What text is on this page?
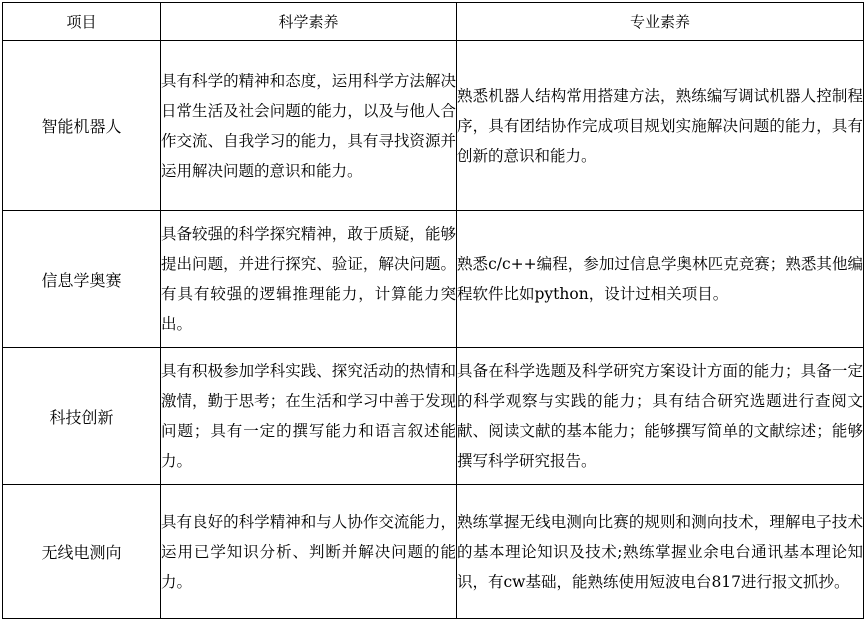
项目	科学素养	专业素养
智能机器人	具有科学的精神和态度，运用科学方法解决日常生活及社会问题的能力，以及与他人合作交流、自我学习的能力，具有寻找资源并运用解决问题的意识和能力。	熟悉机器人结构常用搭建方法，熟练编写调试机器人控制程序，具有团结协作完成项目规划实施解决问题的能力，具有创新的意识和能力。
信息学奥赛	具备较强的科学探究精神，敢于质疑，能够提出问题，并进行探究、验证，解决问题。有具有较强的逻辑推理能力，计算能力突出。	熟悉c/c++编程，参加过信息学奥林匹克竞赛；熟悉其他编程软件比如python，设计过相关项目。
科技创新	具有积极参加学科实践、探究活动的热情和激情，勤于思考；在生活和学习中善于发现问题；具有一定的撰写能力和语言叙述能力。	具备在科学选题及科学研究方案设计方面的能力；具备一定的科学观察与实践的能力；具有结合研究选题进行查阅文献、阅读文献的基本能力；能够撰写简单的文献综述；能够撰写科学研究报告。
无线电测向	具有良好的科学精神和与人协作交流能力，运用已学知识分析、判断并解决问题的能力。	熟练掌握无线电测向比赛的规则和测向技术，理解电子技术的基本理论知识及技术;熟练掌握业余电台通讯基本理论知识，有cw基础，能熟练使用短波电台817进行报文抓抄。
